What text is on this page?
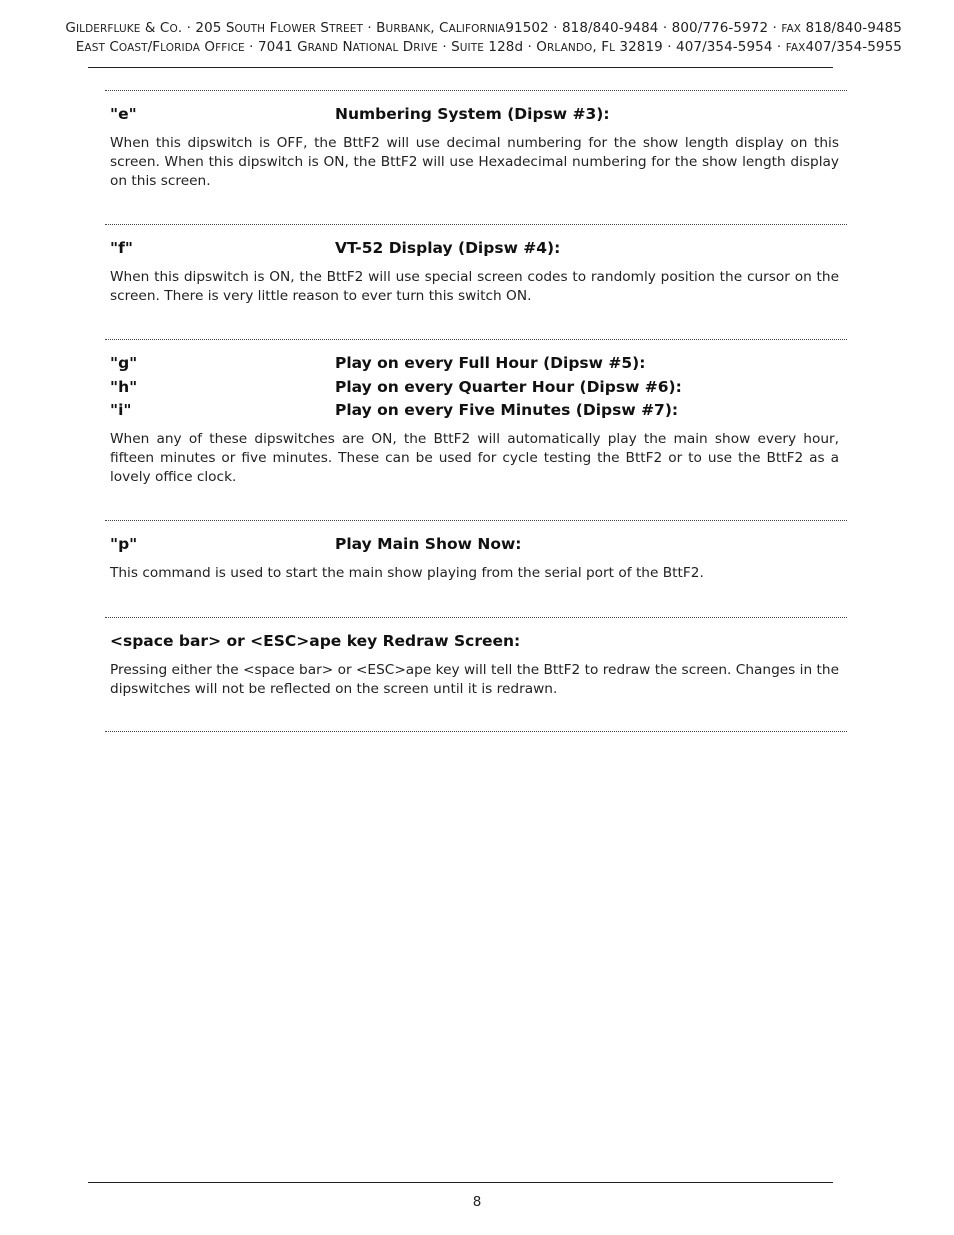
GILDERFLUKE & CO. · 205 SOUTH FLOWER STREET · BURBANK, CALIFORNIA91502 · 818/840-9484 · 800/776-5972 · FAX 818/840-9485
EAST COAST/FLORIDA OFFICE · 7041 GRAND NATIONAL DRIVE · SUITE 128d · ORLANDO, FL 32819 · 407/354-5954 · FAX407/354-5955
"e"	Numbering System (Dipsw #3):

When this dipswitch is OFF, the BttF2 will use decimal numbering for the show length display on this screen. When this dipswitch is ON, the BttF2 will use Hexadecimal numbering for the show length display on this screen.

"f"	VT-52 Display (Dipsw #4):

When this dipswitch is ON, the BttF2 will use special screen codes to randomly position the cursor on the screen. There is very little reason to ever turn this switch ON.

"g"	Play on every Full Hour (Dipsw #5):
"h"	Play on every Quarter Hour (Dipsw #6):
"i"	Play on every Five Minutes (Dipsw #7):

When any of these dipswitches are ON, the BttF2 will automatically play the main show every hour, fifteen minutes or five minutes. These can be used for cycle testing the BttF2 or to use the BttF2 as a lovely office clock.

"p"	Play Main Show Now:

This command is used to start the main show playing from the serial port of the BttF2.

<space bar> or <ESC>ape key Redraw Screen:

Pressing either the <space bar> or <ESC>ape key will tell the BttF2 to redraw the screen. Changes in the dipswitches will not be reflected on the screen until it is redrawn.

8
